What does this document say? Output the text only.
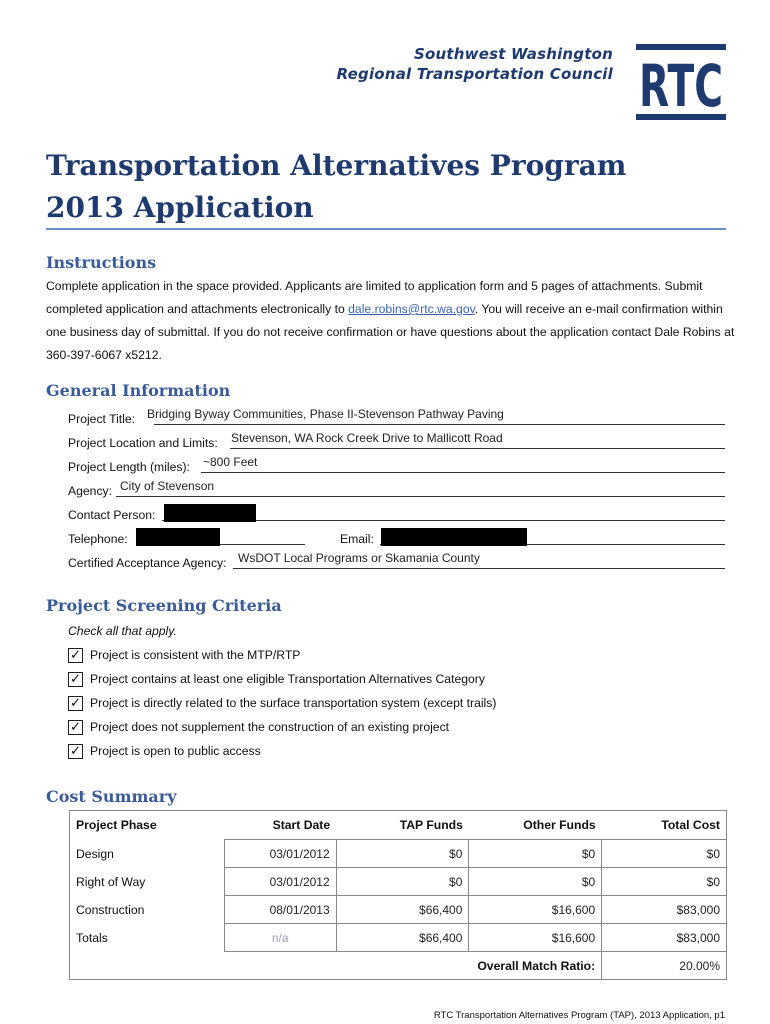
Southwest Washington
Regional Transportation Council RTC
Transportation Alternatives Program
2013 Application
Instructions
Complete application in the space provided. Applicants are limited to application form and 5 pages of attachments. Submit completed application and attachments electronically to dale.robins@rtc.wa.gov. You will receive an e-mail confirmation within one business day of submittal. If you do not receive confirmation or have questions about the application contact Dale Robins at 360-397-6067 x5212.
General Information
Project Title: Bridging Byway Communities, Phase II-Stevenson Pathway Paving
Project Location and Limits: Stevenson, WA Rock Creek Drive to Mallicott Road
Project Length (miles): ~800 Feet
Agency: City of Stevenson
Contact Person:
Telephone:	Email:
Certified Acceptance Agency: WsDOT Local Programs or Skamania County
Project Screening Criteria
Check all that apply.
✓ Project is consistent with the MTP/RTP
✓ Project contains at least one eligible Transportation Alternatives Category
✓ Project is directly related to the surface transportation system (except trails)
✓ Project does not supplement the construction of an existing project
✓ Project is open to public access
Cost Summary
Project Phase	Start Date	TAP Funds	Other Funds	Total Cost
Design	03/01/2012	$0	$0	$0
Right of Way	03/01/2012	$0	$0	$0
Construction	08/01/2013	$66,400	$16,600	$83,000
Totals	n/a	$66,400	$16,600	$83,000
			Overall Match Ratio:	20.00%
RTC Transportation Alternatives Program (TAP), 2013 Application, p1
